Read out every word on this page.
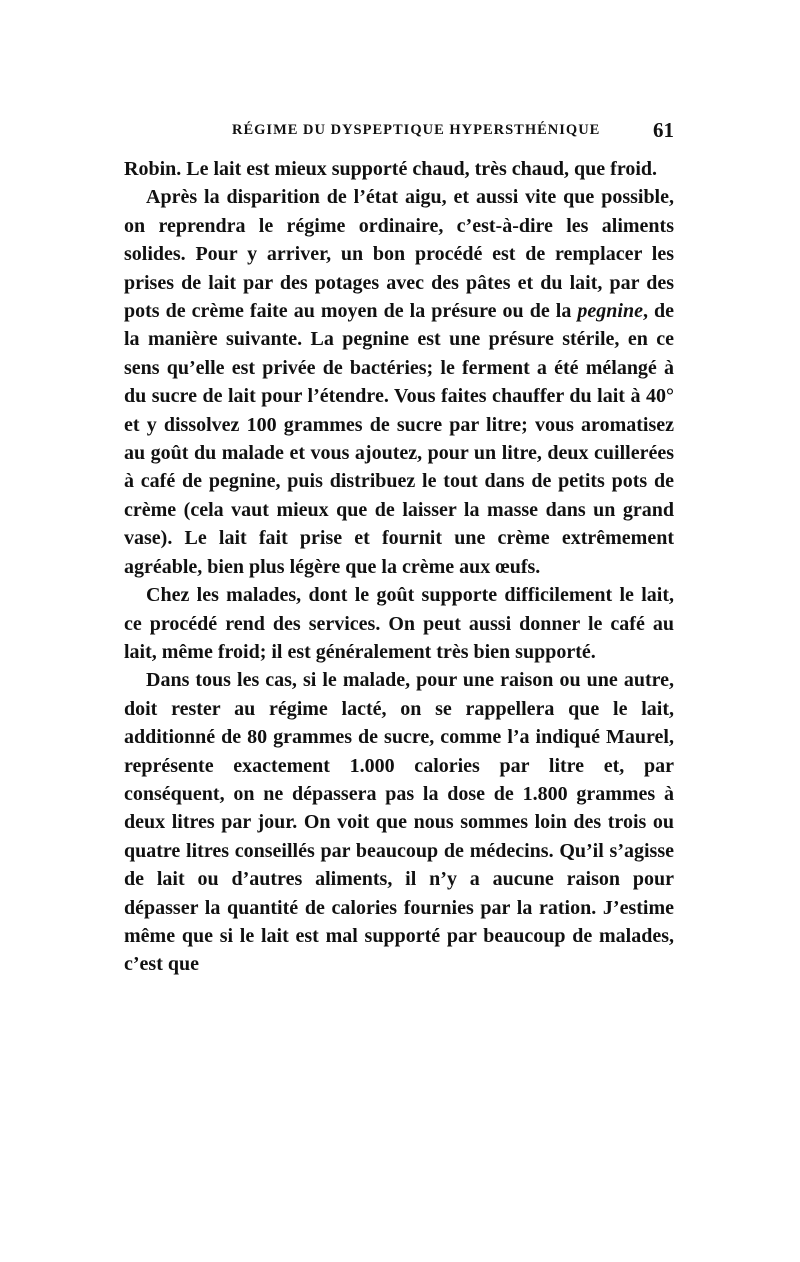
RÉGIME DU DYSPEPTIQUE HYPERSTHÉNIQUE	61

Robin. Le lait est mieux supporté chaud, très chaud, que froid.

Après la disparition de l’état aigu, et aussi vite que possible, on reprendra le régime ordinaire, c’est-à-dire les aliments solides. Pour y arriver, un bon procédé est de remplacer les prises de lait par des potages avec des pâtes et du lait, par des pots de crème faite au moyen de la présure ou de la pegnine, de la manière suivante. La pegnine est une présure stérile, en ce sens qu’elle est privée de bactéries; le ferment a été mélangé à du sucre de lait pour l’étendre. Vous faites chauffer du lait à 40° et y dissolvez 100 grammes de sucre par litre; vous aromatisez au goût du malade et vous ajoutez, pour un litre, deux cuillerées à café de pegnine, puis distribuez le tout dans de petits pots de crème (cela vaut mieux que de laisser la masse dans un grand vase). Le lait fait prise et fournit une crème extrêmement agréable, bien plus légère que la crème aux œufs.

Chez les malades, dont le goût supporte difficilement le lait, ce procédé rend des services. On peut aussi donner le café au lait, même froid; il est généralement très bien supporté.

Dans tous les cas, si le malade, pour une raison ou une autre, doit rester au régime lacté, on se rappellera que le lait, additionné de 80 grammes de sucre, comme l’a indiqué Maurel, représente exactement 1.000 calories par litre et, par conséquent, on ne dépassera pas la dose de 1.800 grammes à deux litres par jour. On voit que nous sommes loin des trois ou quatre litres conseillés par beaucoup de médecins. Qu’il s’agisse de lait ou d’autres aliments, il n’y a aucune raison pour dépasser la quantité de calories fournies par la ration. J’estime même que si le lait est mal supporté par beaucoup de malades, c’est que
